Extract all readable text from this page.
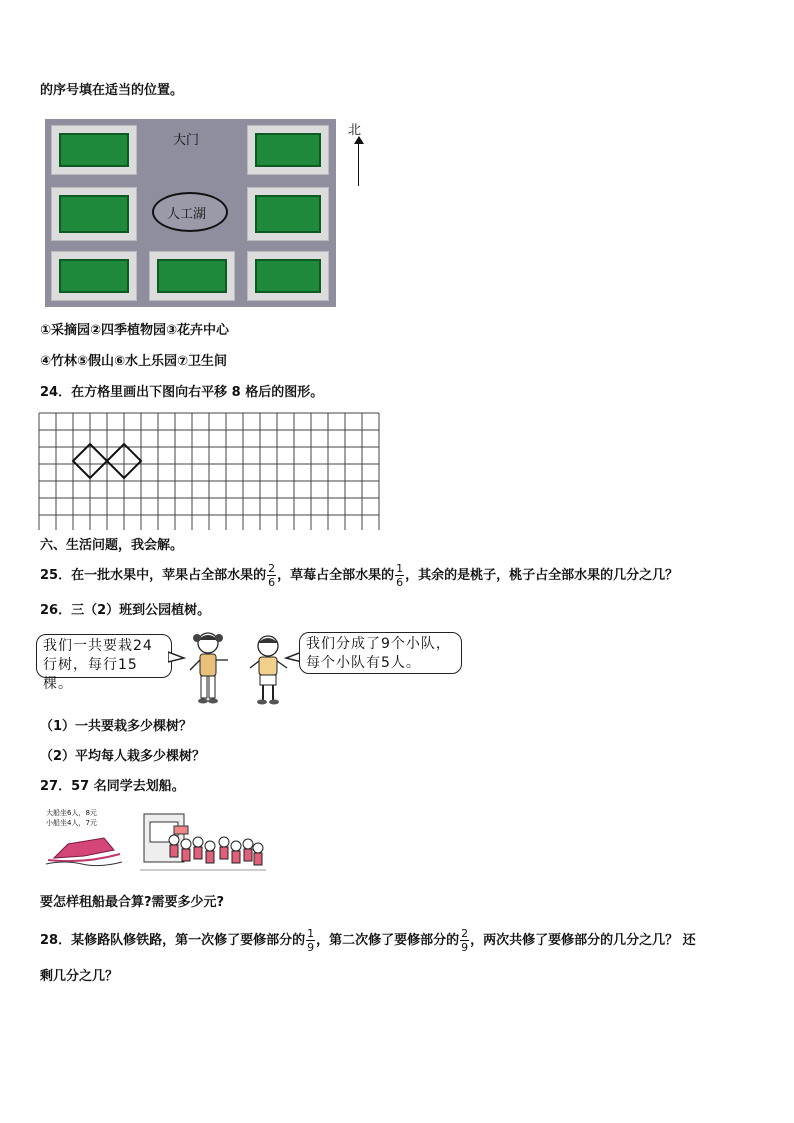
的序号填在适当的位置。
大门
人工湖
北
①采摘园②四季植物园③花卉中心
④竹林⑤假山⑥水上乐园⑦卫生间
24．在方格里画出下图向右平移 8 格后的图形。
六、生活问题，我会解。
25．在一批水果中，苹果占全部水果的 $\frac{2}{6}$ ，草莓占全部水果的 $\frac{1}{6}$ ，其余的是桃子，桃子占全部水果的几分之几？
26．三（2）班到公园植树。
我们一共要栽24
行树，每行15棵。
我们分成了9个小队，
每个小队有5人。
（1）一共要栽多少棵树？
（2）平均每人栽多少棵树？
27．57 名同学去划船。
大船坐6人，8元
小船坐4人，7元
要怎样租船最合算?需要多少元?
28．某修路队修铁路，第一次修了要修部分的 $\frac{1}{9}$ ，第二次修了要修部分的 $\frac{2}{9}$ ，两次共修了要修部分的几分之几？ 还
剩几分之几？
